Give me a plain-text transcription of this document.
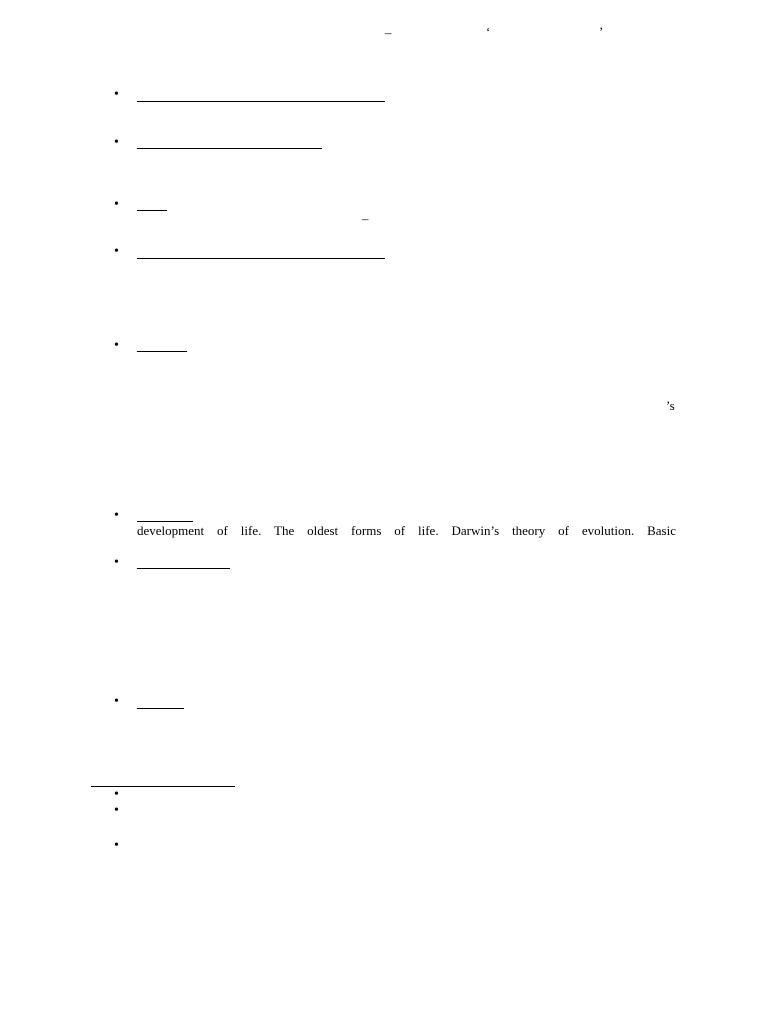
–	‘	’
•
•
•
–
•
•
’s
•
development of life. The oldest forms of life. Darwin’s theory of evolution. Basic
•
•
•
•
•
